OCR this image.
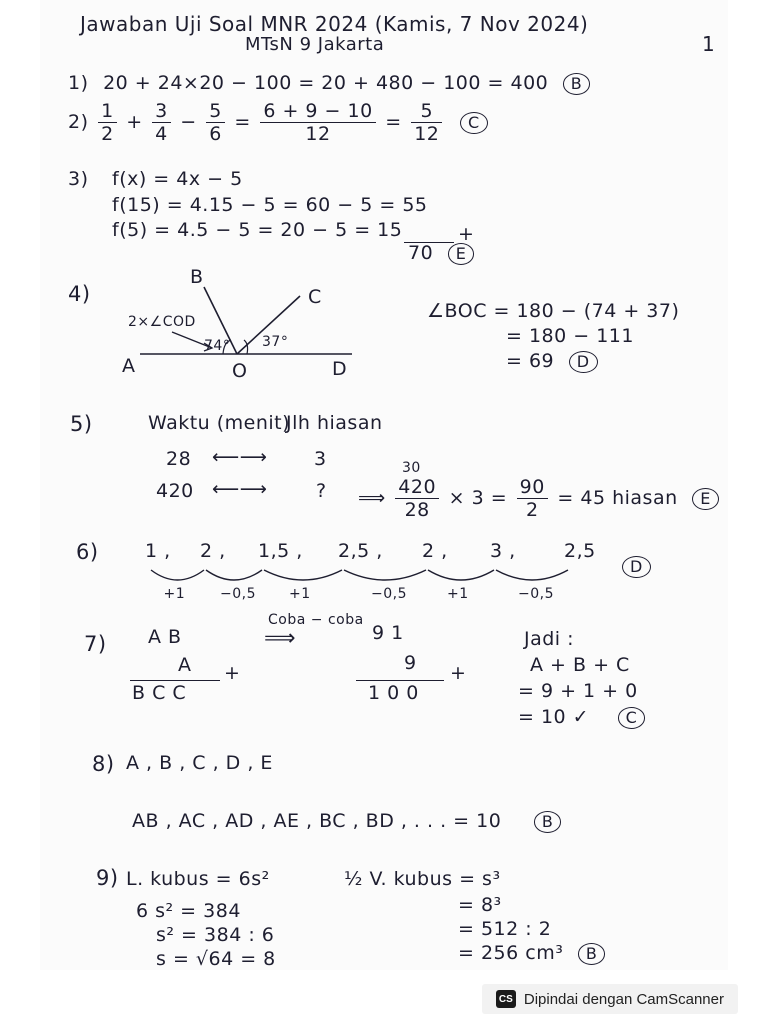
Jawaban Uji Soal MNR 2024 (Kamis, 7 Nov 2024)
MTsN 9 Jakarta	1
1) 20 + 24×20 − 100 = 20 + 480 − 100 = 400 B
$2) \frac{1}{2} + \frac{3}{4} - \frac{5}{6} = \frac{6 + 9 - 10}{12} = \frac{5}{12}$ C
3) f(x) = 4x − 5
f(15) = 4.15 − 5 = 60 − 5 = 55
f(5) = 4.5 − 5 = 20 − 5 = 15	+
70 E
4)
B
C
A	O	D
2×∠COD
74° 37°
∠BOC = 180 − (74 + 37)
= 180 − 111
= 69 D
5)	Waktu (menit)
Jlh hiasan
28 ⟵⟶ 3
420 ⟵⟶	?
30
⟹ $\frac{420}{28} \times 3 = \frac{90}{2} = 45$ hiasan E
6) 1 , 2 , 1,5 , 2,5 , 2 , 3 ,	2,5
+1 −0,5 +1	−0,5	+1	−0,5
D
7)
Coba − coba
⟹
A B
A +
B C C
9 1
9 +
1 0 0
Jadi :
A + B + C
= 9 + 1 + 0
= 10 ✓ C
8) A , B , C , D , E
AB , AC , AD , AE , BC , BD , . . . = 10	B
9) L. kubus = 6s²
6 s² = 384
s² = 384 : 6
s = √64 = 8
½ V. kubus = s³
= 8³
= 512 : 2
= 256 cm³ B
CS Dipindai dengan CamScanner
